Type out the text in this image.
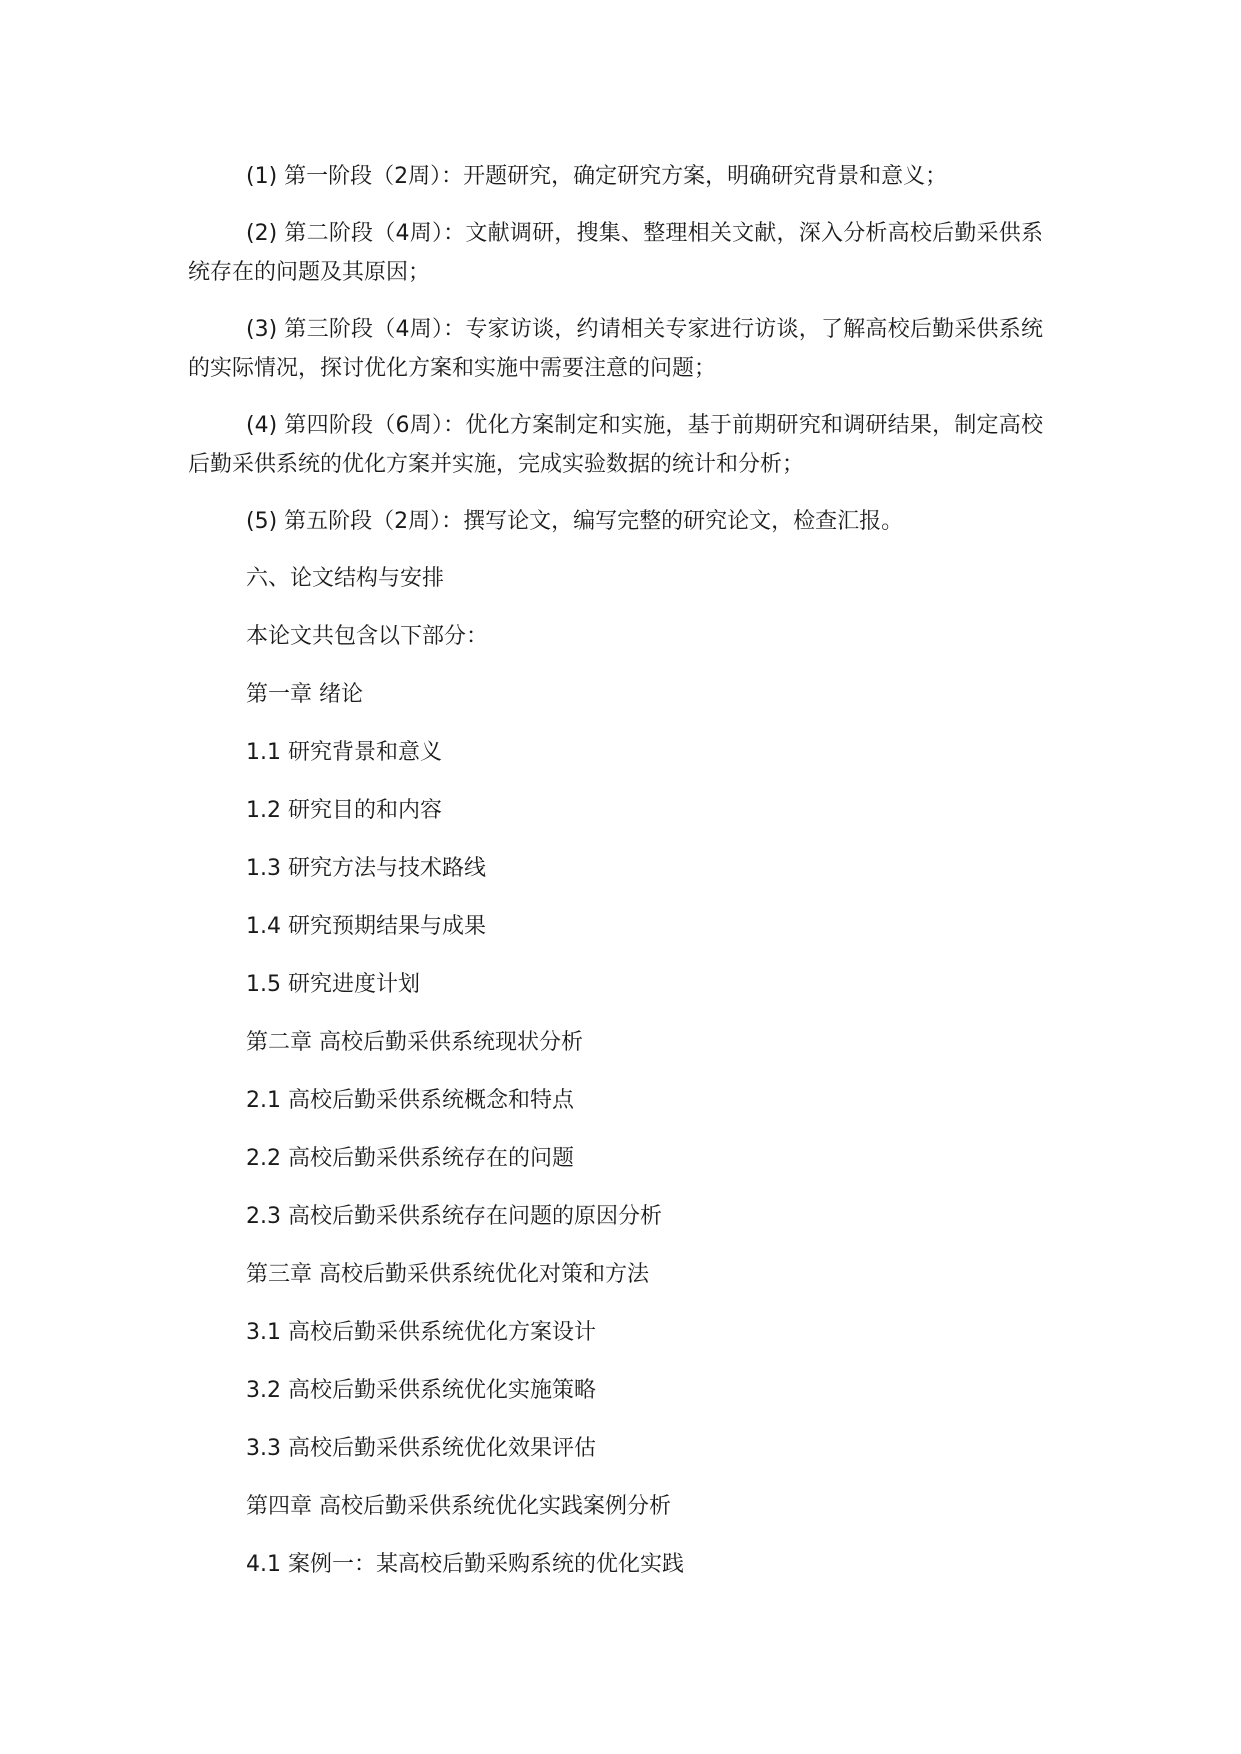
(1) 第一阶段（2周）：开题研究，确定研究方案，明确研究背景和意义；

(2) 第二阶段（4周）：文献调研，搜集、整理相关文献，深入分析高校后勤采供系统存在的问题及其原因；

(3) 第三阶段（4周）：专家访谈，约请相关专家进行访谈，了解高校后勤采供系统的实际情况，探讨优化方案和实施中需要注意的问题；

(4) 第四阶段（6周）：优化方案制定和实施，基于前期研究和调研结果，制定高校后勤采供系统的优化方案并实施，完成实验数据的统计和分析；

(5) 第五阶段（2周）：撰写论文，编写完整的研究论文，检查汇报。

六、论文结构与安排

本论文共包含以下部分：

第一章 绪论

1.1 研究背景和意义

1.2 研究目的和内容

1.3 研究方法与技术路线

1.4 研究预期结果与成果

1.5 研究进度计划

第二章 高校后勤采供系统现状分析

2.1 高校后勤采供系统概念和特点

2.2 高校后勤采供系统存在的问题

2.3 高校后勤采供系统存在问题的原因分析

第三章 高校后勤采供系统优化对策和方法

3.1 高校后勤采供系统优化方案设计

3.2 高校后勤采供系统优化实施策略

3.3 高校后勤采供系统优化效果评估

第四章 高校后勤采供系统优化实践案例分析

4.1 案例一：某高校后勤采购系统的优化实践
